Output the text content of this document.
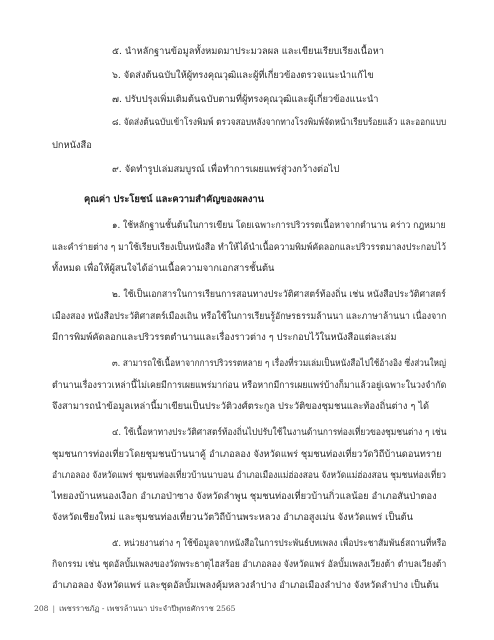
๕. นำหลักฐานข้อมูลทั้งหมดมาประมวลผล และเขียนเรียบเรียงเนื้อหา
๖. จัดส่งต้นฉบับให้ผู้ทรงคุณวุฒิและผู้ที่เกี่ยวข้องตรวจแนะนำแก้ไข
๗. ปรับปรุงเพิ่มเติมต้นฉบับตามที่ผู้ทรงคุณวุฒิและผู้เกี่ยวข้องแนะนำ
๘. จัดส่งต้นฉบับเข้าโรงพิมพ์ ตรวจสอบหลังจากทางโรงพิมพ์จัดหน้าเรียบร้อยแล้ว และออกแบบ
ปกหนังสือ
๙. จัดทำรูปเล่มสมบูรณ์ เพื่อทำการเผยแพร่สู่วงกว้างต่อไป
คุณค่า ประโยชน์ และความสำคัญของผลงาน
๑. ใช้หลักฐานชั้นต้นในการเขียน โดยเฉพาะการปริวรรตเนื้อหาจากตำนาน คร่าว กฎหมาย
และคำร่ายต่าง ๆ มาใช้เรียบเรียงเป็นหนังสือ ทำให้ได้นำเนื้อความพิมพ์คัดลอกและปริวรรตมาลงประกอบไว้
ทั้งหมด เพื่อให้ผู้สนใจได้อ่านเนื้อความจากเอกสารชั้นต้น
๒. ใช้เป็นเอกสารในการเรียนการสอนทางประวัติศาสตร์ท้องถิ่น เช่น หนังสือประวัติศาสตร์
เมืองสอง หนังสือประวัติศาสตร์เมืองเถิน หรือใช้ในการเรียนรู้อักษรธรรมล้านนา และภาษาล้านนา เนื่องจาก
มีการพิมพ์คัดลอกและปริวรรตตำนานและเรื่องราวต่าง ๆ ประกอบไว้ในหนังสือแต่ละเล่ม
๓. สามารถใช้เนื้อหาจากการปริวรรตหลาย ๆ เรื่องที่รวมเล่มเป็นหนังสือไปใช้อ้างอิง ซึ่งส่วนใหญ่
ตำนานเรื่องราวเหล่านี้ไม่เคยมีการเผยแพร่มาก่อน หรือหากมีการเผยแพร่บ้างก็มาแล้วอยู่เฉพาะในวงจำกัด
จึงสามารถนำข้อมูลเหล่านี้มาเขียนเป็นประวัติวงศ์ตระกูล ประวัติของชุมชนและท้องถิ่นต่าง ๆ ได้
๔. ใช้เนื้อหาทางประวัติศาสตร์ท้องถิ่นไปปรับใช้ในงานด้านการท่องเที่ยวของชุมชนต่าง ๆ เช่น
ชุมชนการท่องเที่ยวโดยชุมชนบ้านนาคู้ อำเภอลอง จังหวัดแพร่ ชุมชนท่องเที่ยววัดวิถีบ้านดอนทราย
อำเภอลอง จังหวัดแพร่ ชุมชนท่องเที่ยวบ้านนาบอน อำเภอเมืองแม่ฮ่องสอน จังหวัดแม่ฮ่องสอน ชุมชนท่องเที่ยว
ไทยองบ้านหนองเงือก อำเภอป่าซาง จังหวัดลำพูน ชุมชนท่องเที่ยวบ้านกิ่วแลน้อย อำเภอสันป่าตอง
จังหวัดเชียงใหม่ และชุมชนท่องเที่ยวนวัตวิถีบ้านพระหลวง อำเภอสูงเม่น จังหวัดแพร่ เป็นต้น
๕. หน่วยงานต่าง ๆ ใช้ข้อมูลจากหนังสือในการประพันธ์บทเพลง เพื่อประชาสัมพันธ์สถานที่หรือ
กิจกรรม เช่น ชุดอัลบั้มเพลงของวัดพระธาตุไฮสร้อย อำเภอลอง จังหวัดแพร่ อัลบั้มเพลงเวียงต้า ตำบลเวียงต้า
อำเภอลอง จังหวัดแพร่ และชุดอัลบั้มเพลงคุ้มหลวงลำปาง อำเภอเมืองลำปาง จังหวัดลำปาง เป็นต้น
208 | เพชรราชภัฏ - เพชรล้านนา ประจำปีพุทธศักราช 2565
